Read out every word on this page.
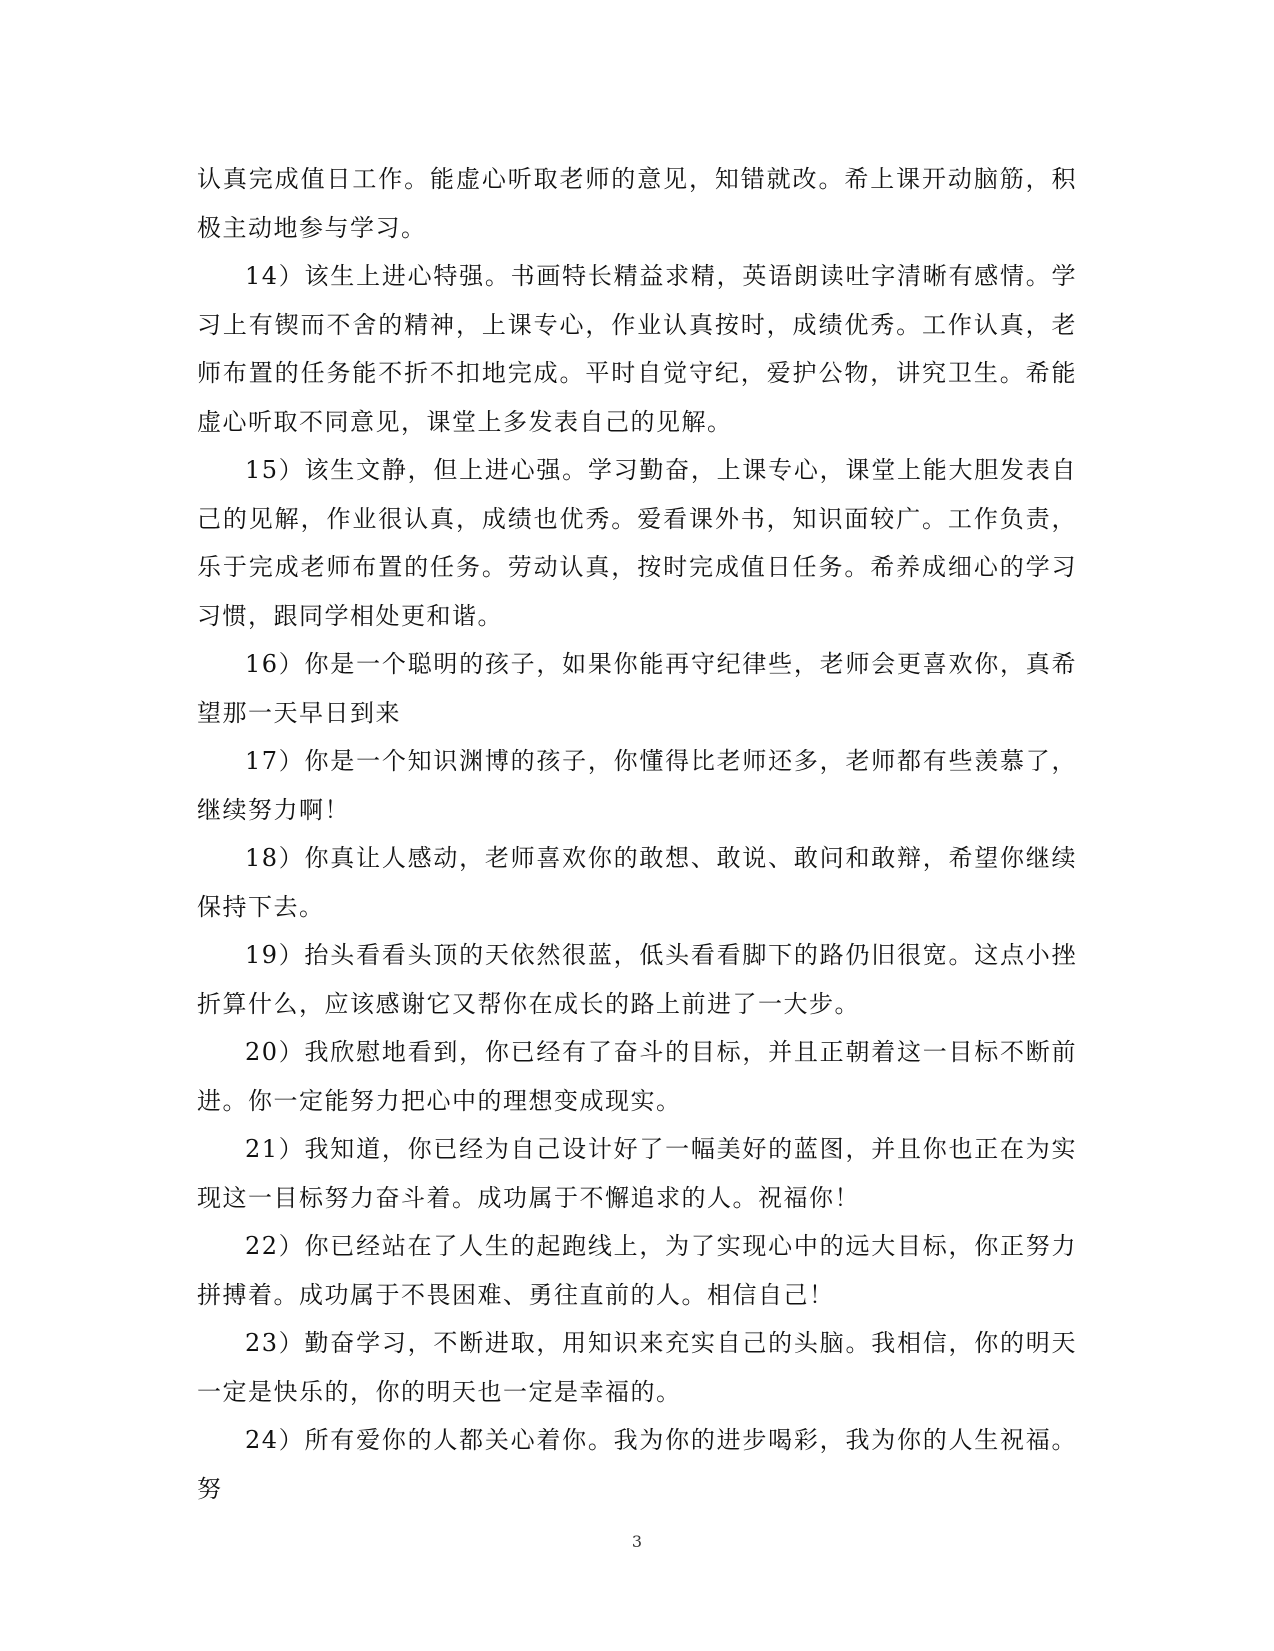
认真完成值日工作。能虚心听取老师的意见，知错就改。希上课开动脑筋，积极主动地参与学习。

14）该生上进心特强。书画特长精益求精，英语朗读吐字清晰有感情。学习上有锲而不舍的精神，上课专心，作业认真按时，成绩优秀。工作认真，老师布置的任务能不折不扣地完成。平时自觉守纪，爱护公物，讲究卫生。希能虚心听取不同意见，课堂上多发表自己的见解。

15）该生文静，但上进心强。学习勤奋，上课专心，课堂上能大胆发表自己的见解，作业很认真，成绩也优秀。爱看课外书，知识面较广。工作负责，乐于完成老师布置的任务。劳动认真，按时完成值日任务。希养成细心的学习习惯，跟同学相处更和谐。

16）你是一个聪明的孩子，如果你能再守纪律些，老师会更喜欢你，真希望那一天早日到来

17）你是一个知识渊博的孩子，你懂得比老师还多，老师都有些羡慕了，继续努力啊！

18）你真让人感动，老师喜欢你的敢想、敢说、敢问和敢辩，希望你继续保持下去。

19）抬头看看头顶的天依然很蓝，低头看看脚下的路仍旧很宽。这点小挫折算什么，应该感谢它又帮你在成长的路上前进了一大步。

20）我欣慰地看到，你已经有了奋斗的目标，并且正朝着这一目标不断前进。你一定能努力把心中的理想变成现实。

21）我知道，你已经为自己设计好了一幅美好的蓝图，并且你也正在为实现这一目标努力奋斗着。成功属于不懈追求的人。祝福你！

22）你已经站在了人生的起跑线上，为了实现心中的远大目标，你正努力拼搏着。成功属于不畏困难、勇往直前的人。相信自己！

23）勤奋学习，不断进取，用知识来充实自己的头脑。我相信，你的明天一定是快乐的，你的明天也一定是幸福的。

24）所有爱你的人都关心着你。我为你的进步喝彩，我为你的人生祝福。努

3
